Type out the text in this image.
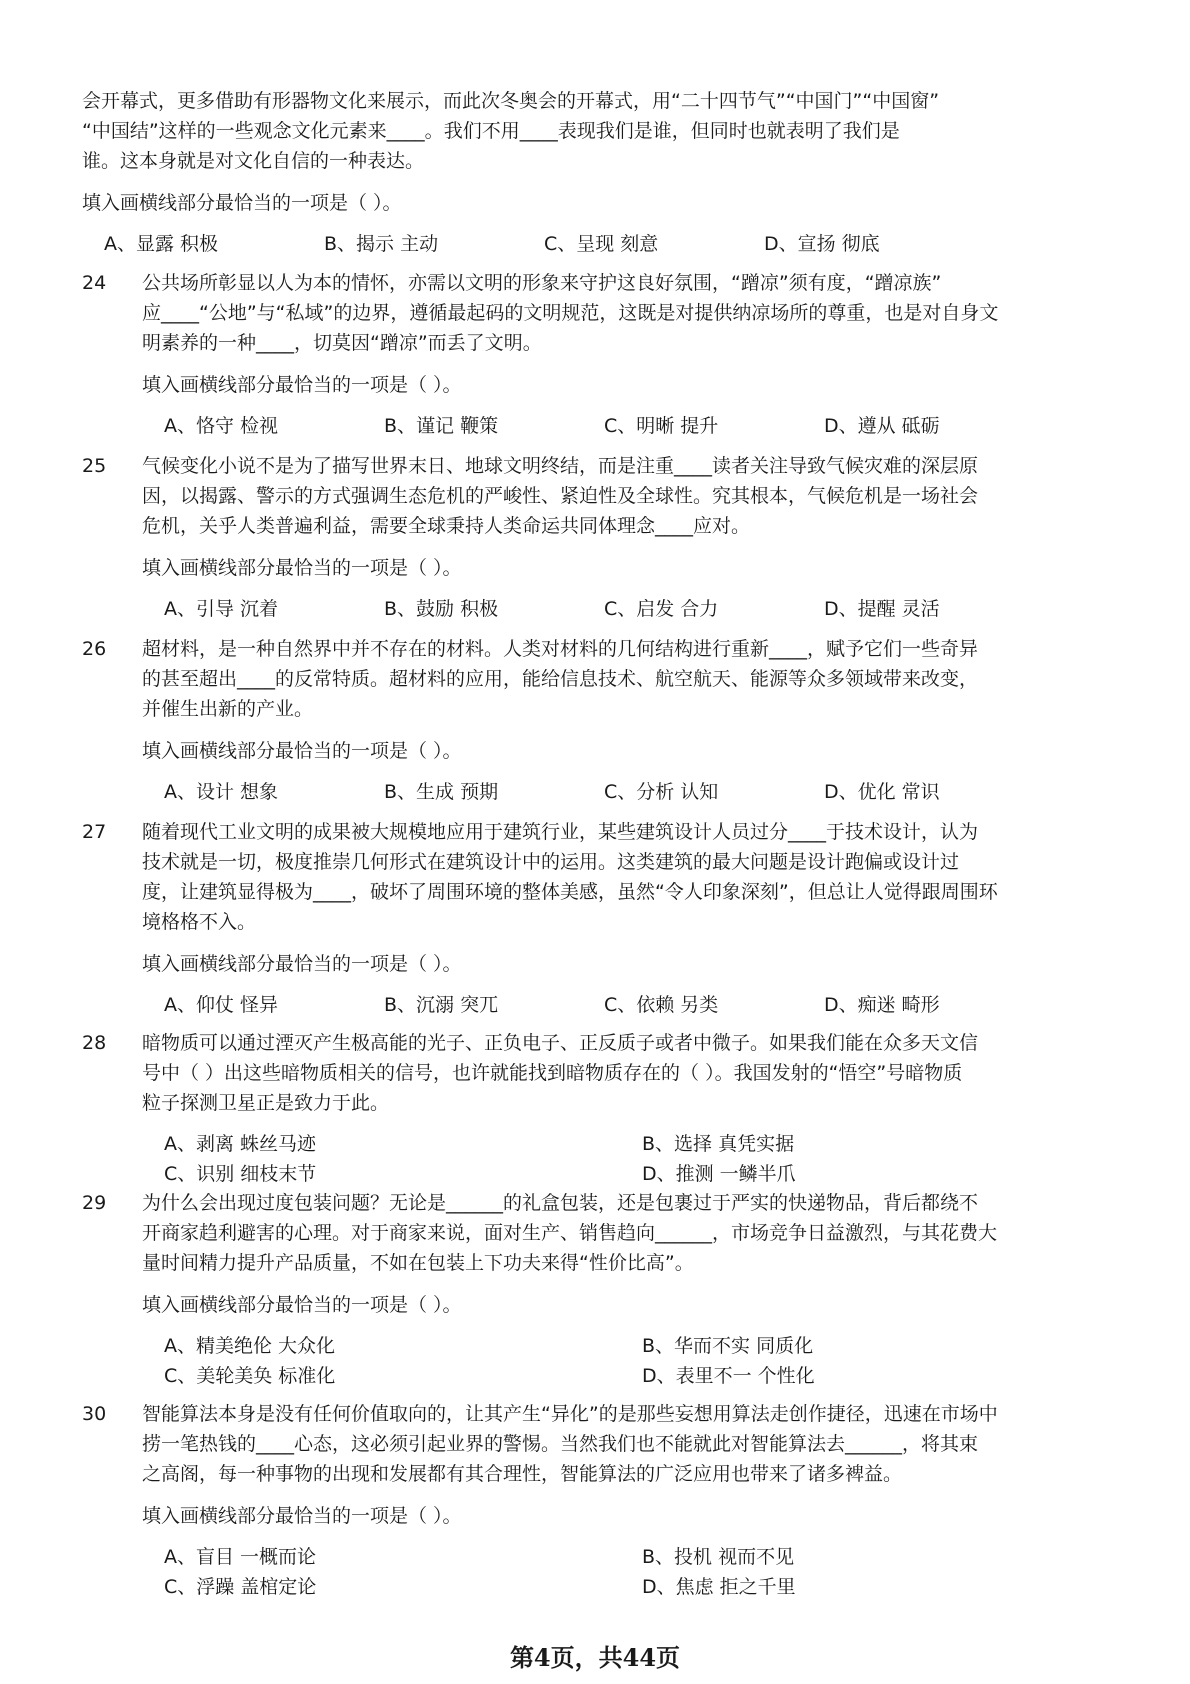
会开幕式，更多借助有形器物文化来展示，而此次冬奥会的开幕式，用“二十四节气”“中国门”“中国窗”
“中国结”这样的一些观念文化元素来____。我们不用____表现我们是谁，但同时也就表明了我们是
谁。这本身就是对文化自信的一种表达。
填入画横线部分最恰当的一项是（ ）。
A、显露 积极	B、揭示 主动	C、呈现 刻意	D、宣扬 彻底
24	公共场所彰显以人为本的情怀，亦需以文明的形象来守护这良好氛围，“蹭凉”须有度，“蹭凉族”
应____“公地”与“私域”的边界，遵循最起码的文明规范，这既是对提供纳凉场所的尊重，也是对自身文
明素养的一种____，切莫因“蹭凉”而丢了文明。
填入画横线部分最恰当的一项是（ ）。
A、恪守 检视	B、谨记 鞭策	C、明晰 提升	D、遵从 砥砺
25	气候变化小说不是为了描写世界末日、地球文明终结，而是注重____读者关注导致气候灾难的深层原
因，以揭露、警示的方式强调生态危机的严峻性、紧迫性及全球性。究其根本，气候危机是一场社会
危机，关乎人类普遍利益，需要全球秉持人类命运共同体理念____应对。
填入画横线部分最恰当的一项是（ ）。
A、引导 沉着	B、鼓励 积极	C、启发 合力	D、提醒 灵活
26	超材料，是一种自然界中并不存在的材料。人类对材料的几何结构进行重新____，赋予它们一些奇异
的甚至超出____的反常特质。超材料的应用，能给信息技术、航空航天、能源等众多领域带来改变，
并催生出新的产业。
填入画横线部分最恰当的一项是（ ）。
A、设计 想象	B、生成 预期	C、分析 认知	D、优化 常识
27	随着现代工业文明的成果被大规模地应用于建筑行业，某些建筑设计人员过分____于技术设计，认为
技术就是一切，极度推崇几何形式在建筑设计中的运用。这类建筑的最大问题是设计跑偏或设计过
度，让建筑显得极为____，破坏了周围环境的整体美感，虽然“令人印象深刻”，但总让人觉得跟周围环
境格格不入。
填入画横线部分最恰当的一项是（ ）。
A、仰仗 怪异	B、沉溺 突兀	C、依赖 另类	D、痴迷 畸形
28	暗物质可以通过湮灭产生极高能的光子、正负电子、正反质子或者中微子。如果我们能在众多天文信
号中（ ）出这些暗物质相关的信号，也许就能找到暗物质存在的（ ）。我国发射的“悟空”号暗物质
粒子探测卫星正是致力于此。
A、剥离 蛛丝马迹	B、选择 真凭实据
C、识别 细枝末节	D、推测 一鳞半爪
29	为什么会出现过度包装问题？无论是______的礼盒包装，还是包裹过于严实的快递物品，背后都绕不
开商家趋利避害的心理。对于商家来说，面对生产、销售趋向______，市场竞争日益激烈，与其花费大
量时间精力提升产品质量，不如在包装上下功夫来得“性价比高”。
填入画横线部分最恰当的一项是（ ）。
A、精美绝伦 大众化	B、华而不实 同质化
C、美轮美奂 标准化	D、表里不一 个性化
30	智能算法本身是没有任何价值取向的，让其产生“异化”的是那些妄想用算法走创作捷径，迅速在市场中
捞一笔热钱的____心态，这必须引起业界的警惕。当然我们也不能就此对智能算法去______，将其束
之高阁，每一种事物的出现和发展都有其合理性，智能算法的广泛应用也带来了诸多裨益。
填入画横线部分最恰当的一项是（ ）。
A、盲目 一概而论	B、投机 视而不见
C、浮躁 盖棺定论	D、焦虑 拒之千里
第4页，共44页
